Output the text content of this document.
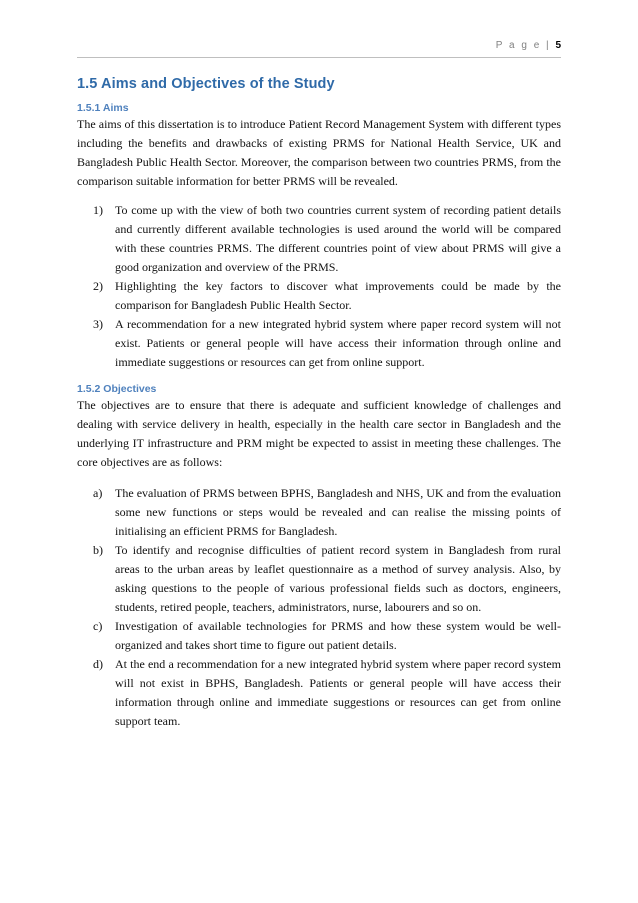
P a g e | 5
1.5 Aims and Objectives of the Study
1.5.1 Aims

The aims of this dissertation is to introduce Patient Record Management System with different types including the benefits and drawbacks of existing PRMS for National Health Service, UK and Bangladesh Public Health Sector. Moreover, the comparison between two countries PRMS, from the comparison suitable information for better PRMS will be revealed.

1) To come up with the view of both two countries current system of recording patient details and currently different available technologies is used around the world will be compared with these countries PRMS. The different countries point of view about PRMS will give a good organization and overview of the PRMS.
2) Highlighting the key factors to discover what improvements could be made by the comparison for Bangladesh Public Health Sector.
3) A recommendation for a new integrated hybrid system where paper record system will not exist. Patients or general people will have access their information through online and immediate suggestions or resources can get from online support.
1.5.2 Objectives

The objectives are to ensure that there is adequate and sufficient knowledge of challenges and dealing with service delivery in health, especially in the health care sector in Bangladesh and the underlying IT infrastructure and PRM might be expected to assist in meeting these challenges. The core objectives are as follows:

a) The evaluation of PRMS between BPHS, Bangladesh and NHS, UK and from the evaluation some new functions or steps would be revealed and can realise the missing points of initialising an efficient PRMS for Bangladesh.
b) To identify and recognise difficulties of patient record system in Bangladesh from rural areas to the urban areas by leaflet questionnaire as a method of survey analysis. Also, by asking questions to the people of various professional fields such as doctors, engineers, students, retired people, teachers, administrators, nurse, labourers and so on.
c) Investigation of available technologies for PRMS and how these system would be well-organized and takes short time to figure out patient details.
d) At the end a recommendation for a new integrated hybrid system where paper record system will not exist in BPHS, Bangladesh. Patients or general people will have access their information through online and immediate suggestions or resources can get from online support team.
